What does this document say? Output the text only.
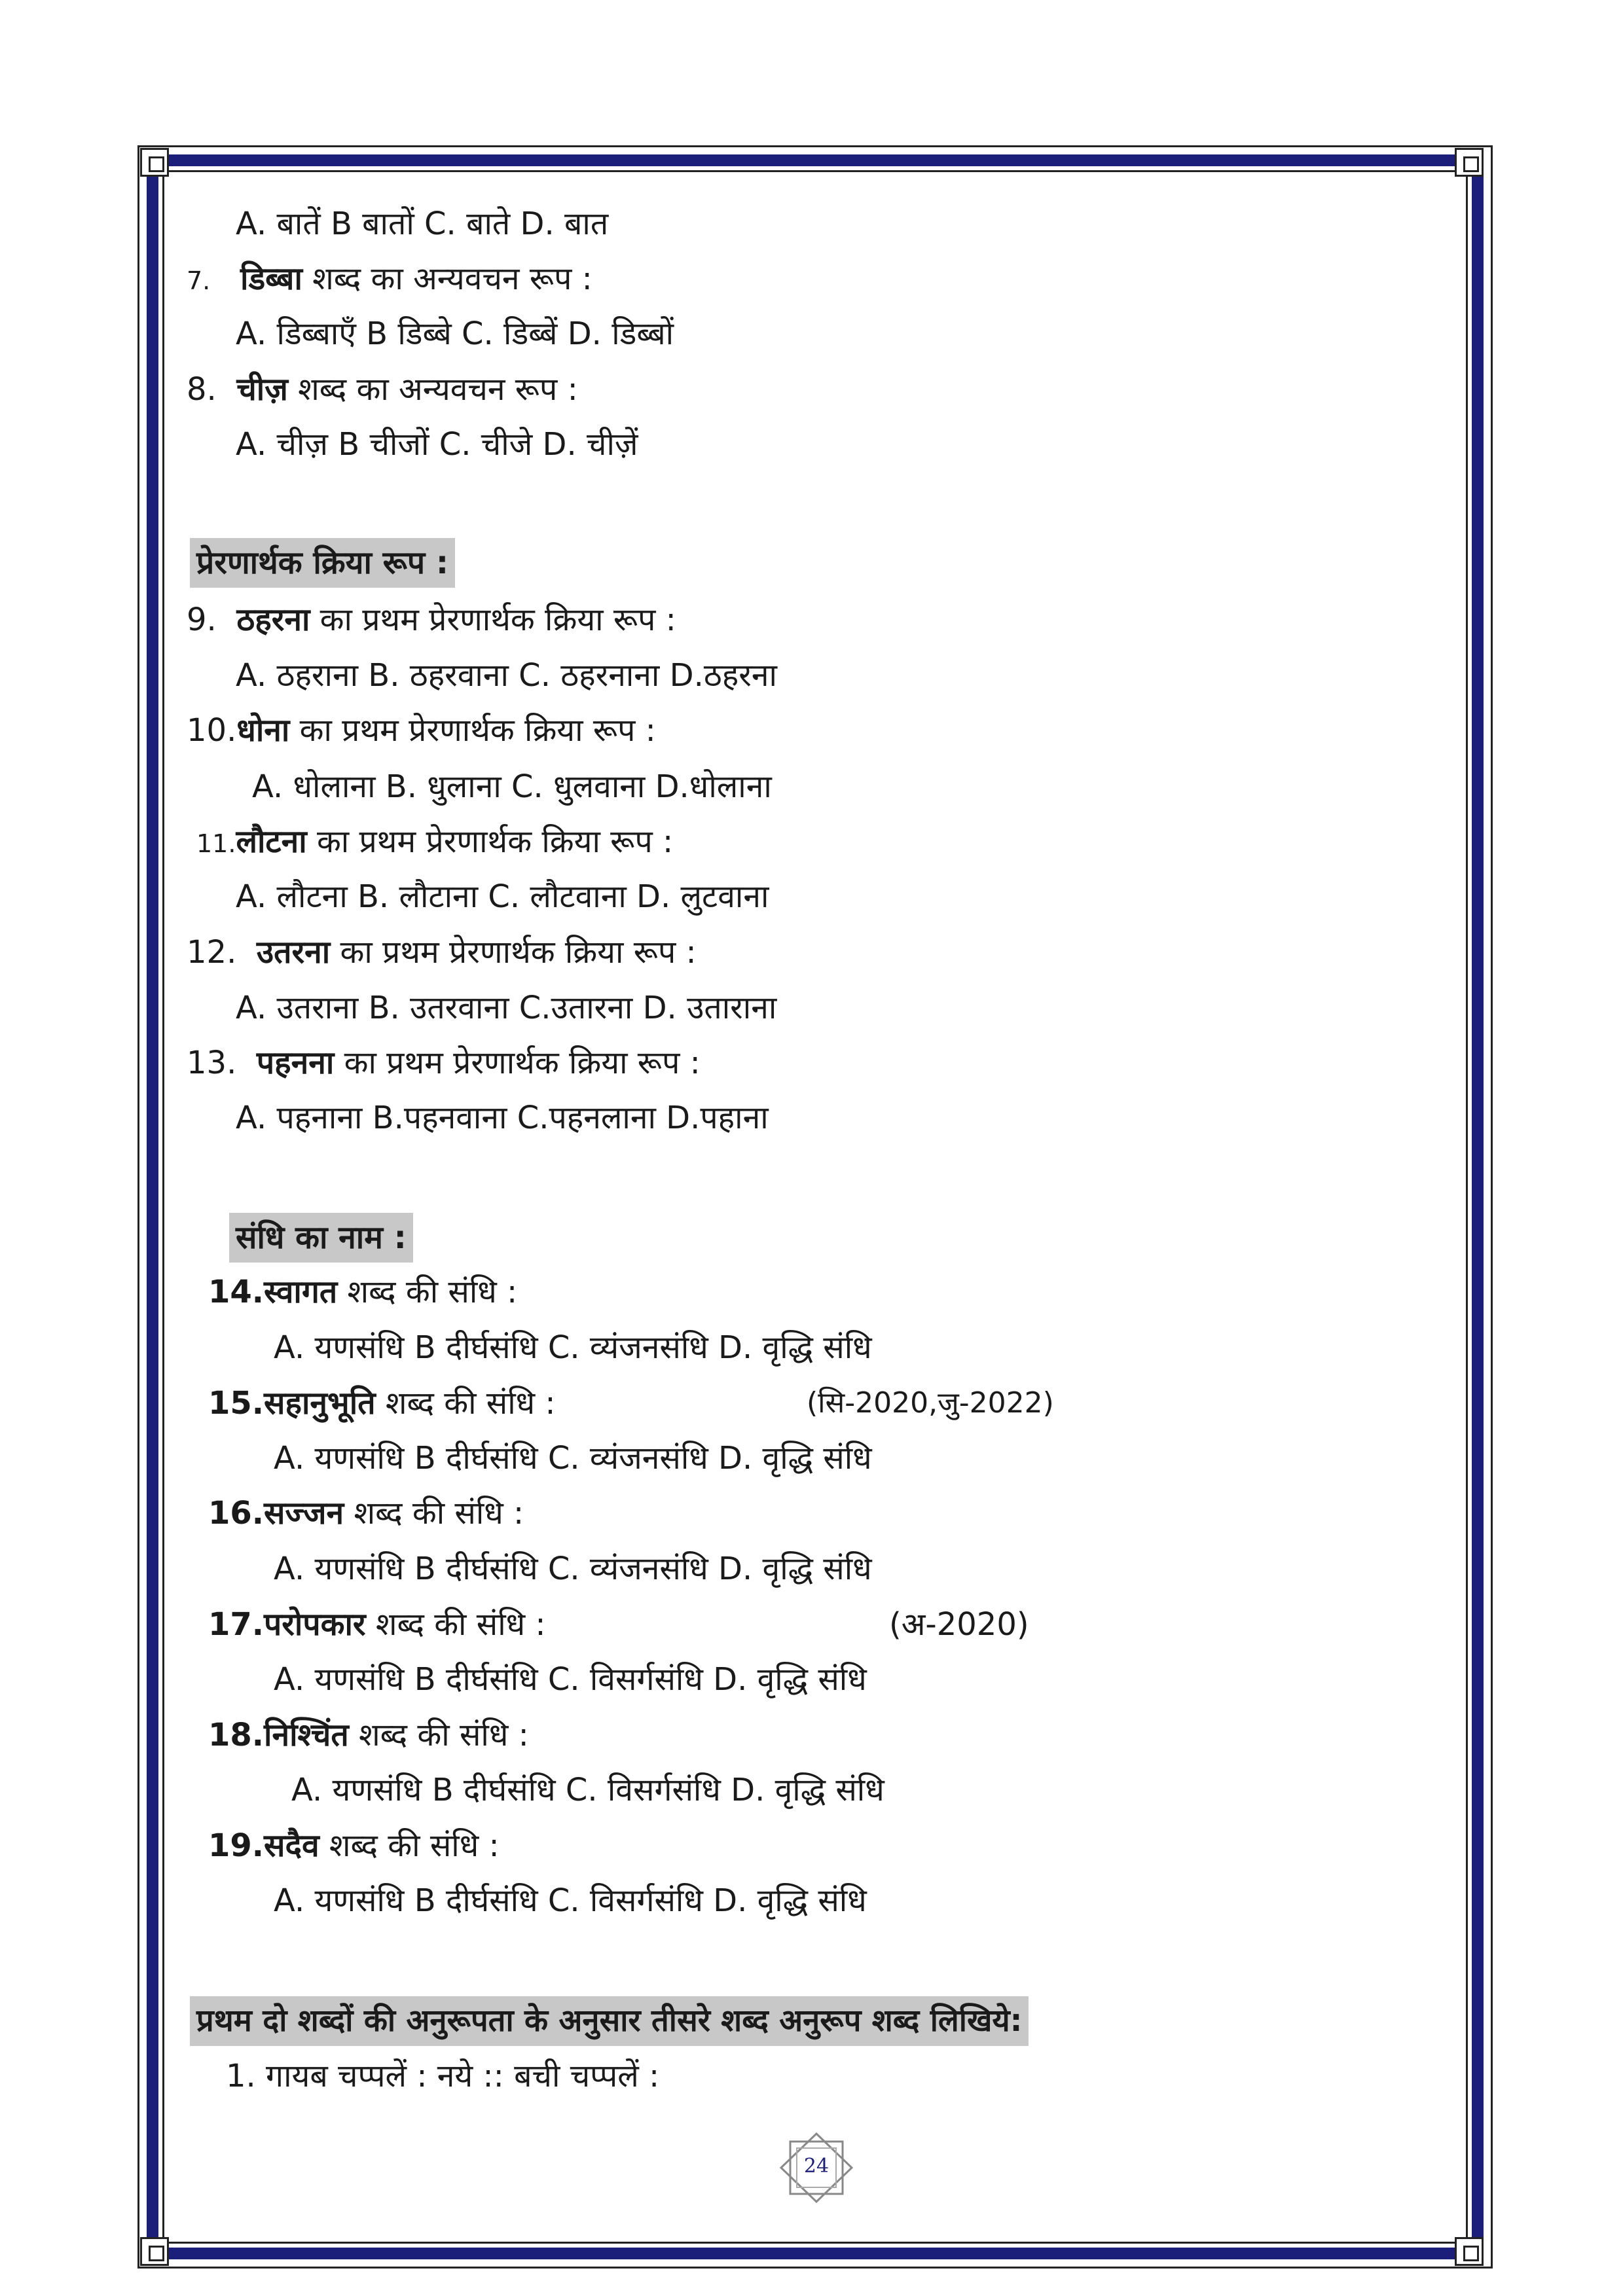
A. बातें B बातों C. बाते D. बात
7. डिब्बा शब्द का अन्यवचन रूप :
A. डिब्बाएँ B डिब्बे C. डिब्बें D. डिब्बों
8. चीज़ शब्द का अन्यवचन रूप :
A. चीज़ B चीजों C. चीजे D. चीज़ें
प्रेरणार्थक क्रिया रूप :
9. ठहरना का प्रथम प्रेरणार्थक क्रिया रूप :
A. ठहराना B. ठहरवाना C. ठहरनाना D.ठहरना
10.धोना का प्रथम प्रेरणार्थक क्रिया रूप :
A. धोलाना B. धुलाना C. धुलवाना D.धोलाना
11.लौटना का प्रथम प्रेरणार्थक क्रिया रूप :
A. लौटना B. लौटाना C. लौटवाना D. लुटवाना
12. उतरना का प्रथम प्रेरणार्थक क्रिया रूप :
A. उतराना B. उतरवाना C.उतारना D. उताराना
13. पहनना का प्रथम प्रेरणार्थक क्रिया रूप :
A. पहनाना B.पहनवाना C.पहनलाना D.पहाना
संधि का नाम :
14.स्वागत शब्द की संधि :
A. यणसंधि B दीर्घसंधि C. व्यंजनसंधि D. वृद्धि संधि
15.सहानुभूति शब्द की संधि :	(सि-2020,जु-2022)
A. यणसंधि B दीर्घसंधि C. व्यंजनसंधि D. वृद्धि संधि
16.सज्जन शब्द की संधि :
A. यणसंधि B दीर्घसंधि C. व्यंजनसंधि D. वृद्धि संधि
17.परोपकार शब्द की संधि :	(अ-2020)
A. यणसंधि B दीर्घसंधि C. विसर्गसंधि D. वृद्धि संधि
18.निश्चिंत शब्द की संधि :
A. यणसंधि B दीर्घसंधि C. विसर्गसंधि D. वृद्धि संधि
19.सदैव शब्द की संधि :
A. यणसंधि B दीर्घसंधि C. विसर्गसंधि D. वृद्धि संधि
प्रथम दो शब्दों की अनुरूपता के अनुसार तीसरे शब्द अनुरूप शब्द लिखिये:
1. गायब चप्पलें : नये :: बची चप्पलें :
24
